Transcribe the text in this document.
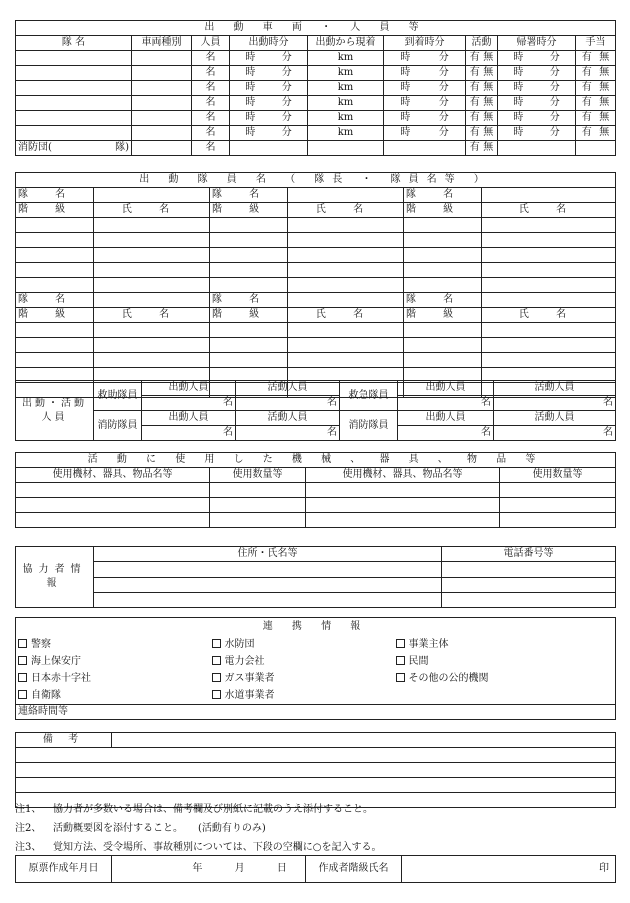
出 動 車 両 ・ 人 員 等								
隊 名	車両種別	人員	出動時分	出動から現着	到着時分	活動	帰署時分	手当
		名	時 分	km	時 分	有 無	時 分	有 無

		名	時 分	km	時 分	有 無	時 分	有 無

		名	時 分	km	時 分	有 無	時 分	有 無

		名	時 分	km	時 分	有 無	時 分	有 無

		名	時 分	km	時 分	有 無	時 分	有 無

		名	時 分	km	時 分	有 無	時 分	有 無

消防団( 隊)		名				有 無		

出 動 隊 員 名 （ 隊長 ・ 隊員名等 ）					
隊 名		隊 名		隊 名	
階 級	氏 名	階 級	氏 名	階 級	氏 名

隊 名		隊 名		隊 名	
階 級	氏 名	階 級	氏 名	階 級	氏 名

出動・活動人員	救助隊員	出動人員	活動人員	救急隊員	出動人員	活動人員
		名	名		名	名
	消防隊員	出動人員	活動人員	消防隊員	出動人員	活動人員
		名	名		名	名
活 動 に 使 用 し た 機 械 、 器 具 、 物 品 等			
使用機材、器具、物品名等	使用数量等	使用機材、器具、物品名等	使用数量等

協力者情報	住所・氏名等	電話番号等

連 携 情 報		
警察	水防団	事業主体
海上保安庁	電力会社	民間
日本赤十字社	ガス事業者	その他の公的機関
自衛隊	水道事業者	
連絡時間等		
備 考	

注1、 協力者が多数いる場合は、備考欄及び別紙に記載のうえ添付すること。
注2、 活動概要図を添付すること。　　(活動有りのみ)
注3、 覚知方法、受令場所、事故種別については、下段の空欄に○を記入する。
原票作成年月日	年	月	日	作成者階級氏名	印
